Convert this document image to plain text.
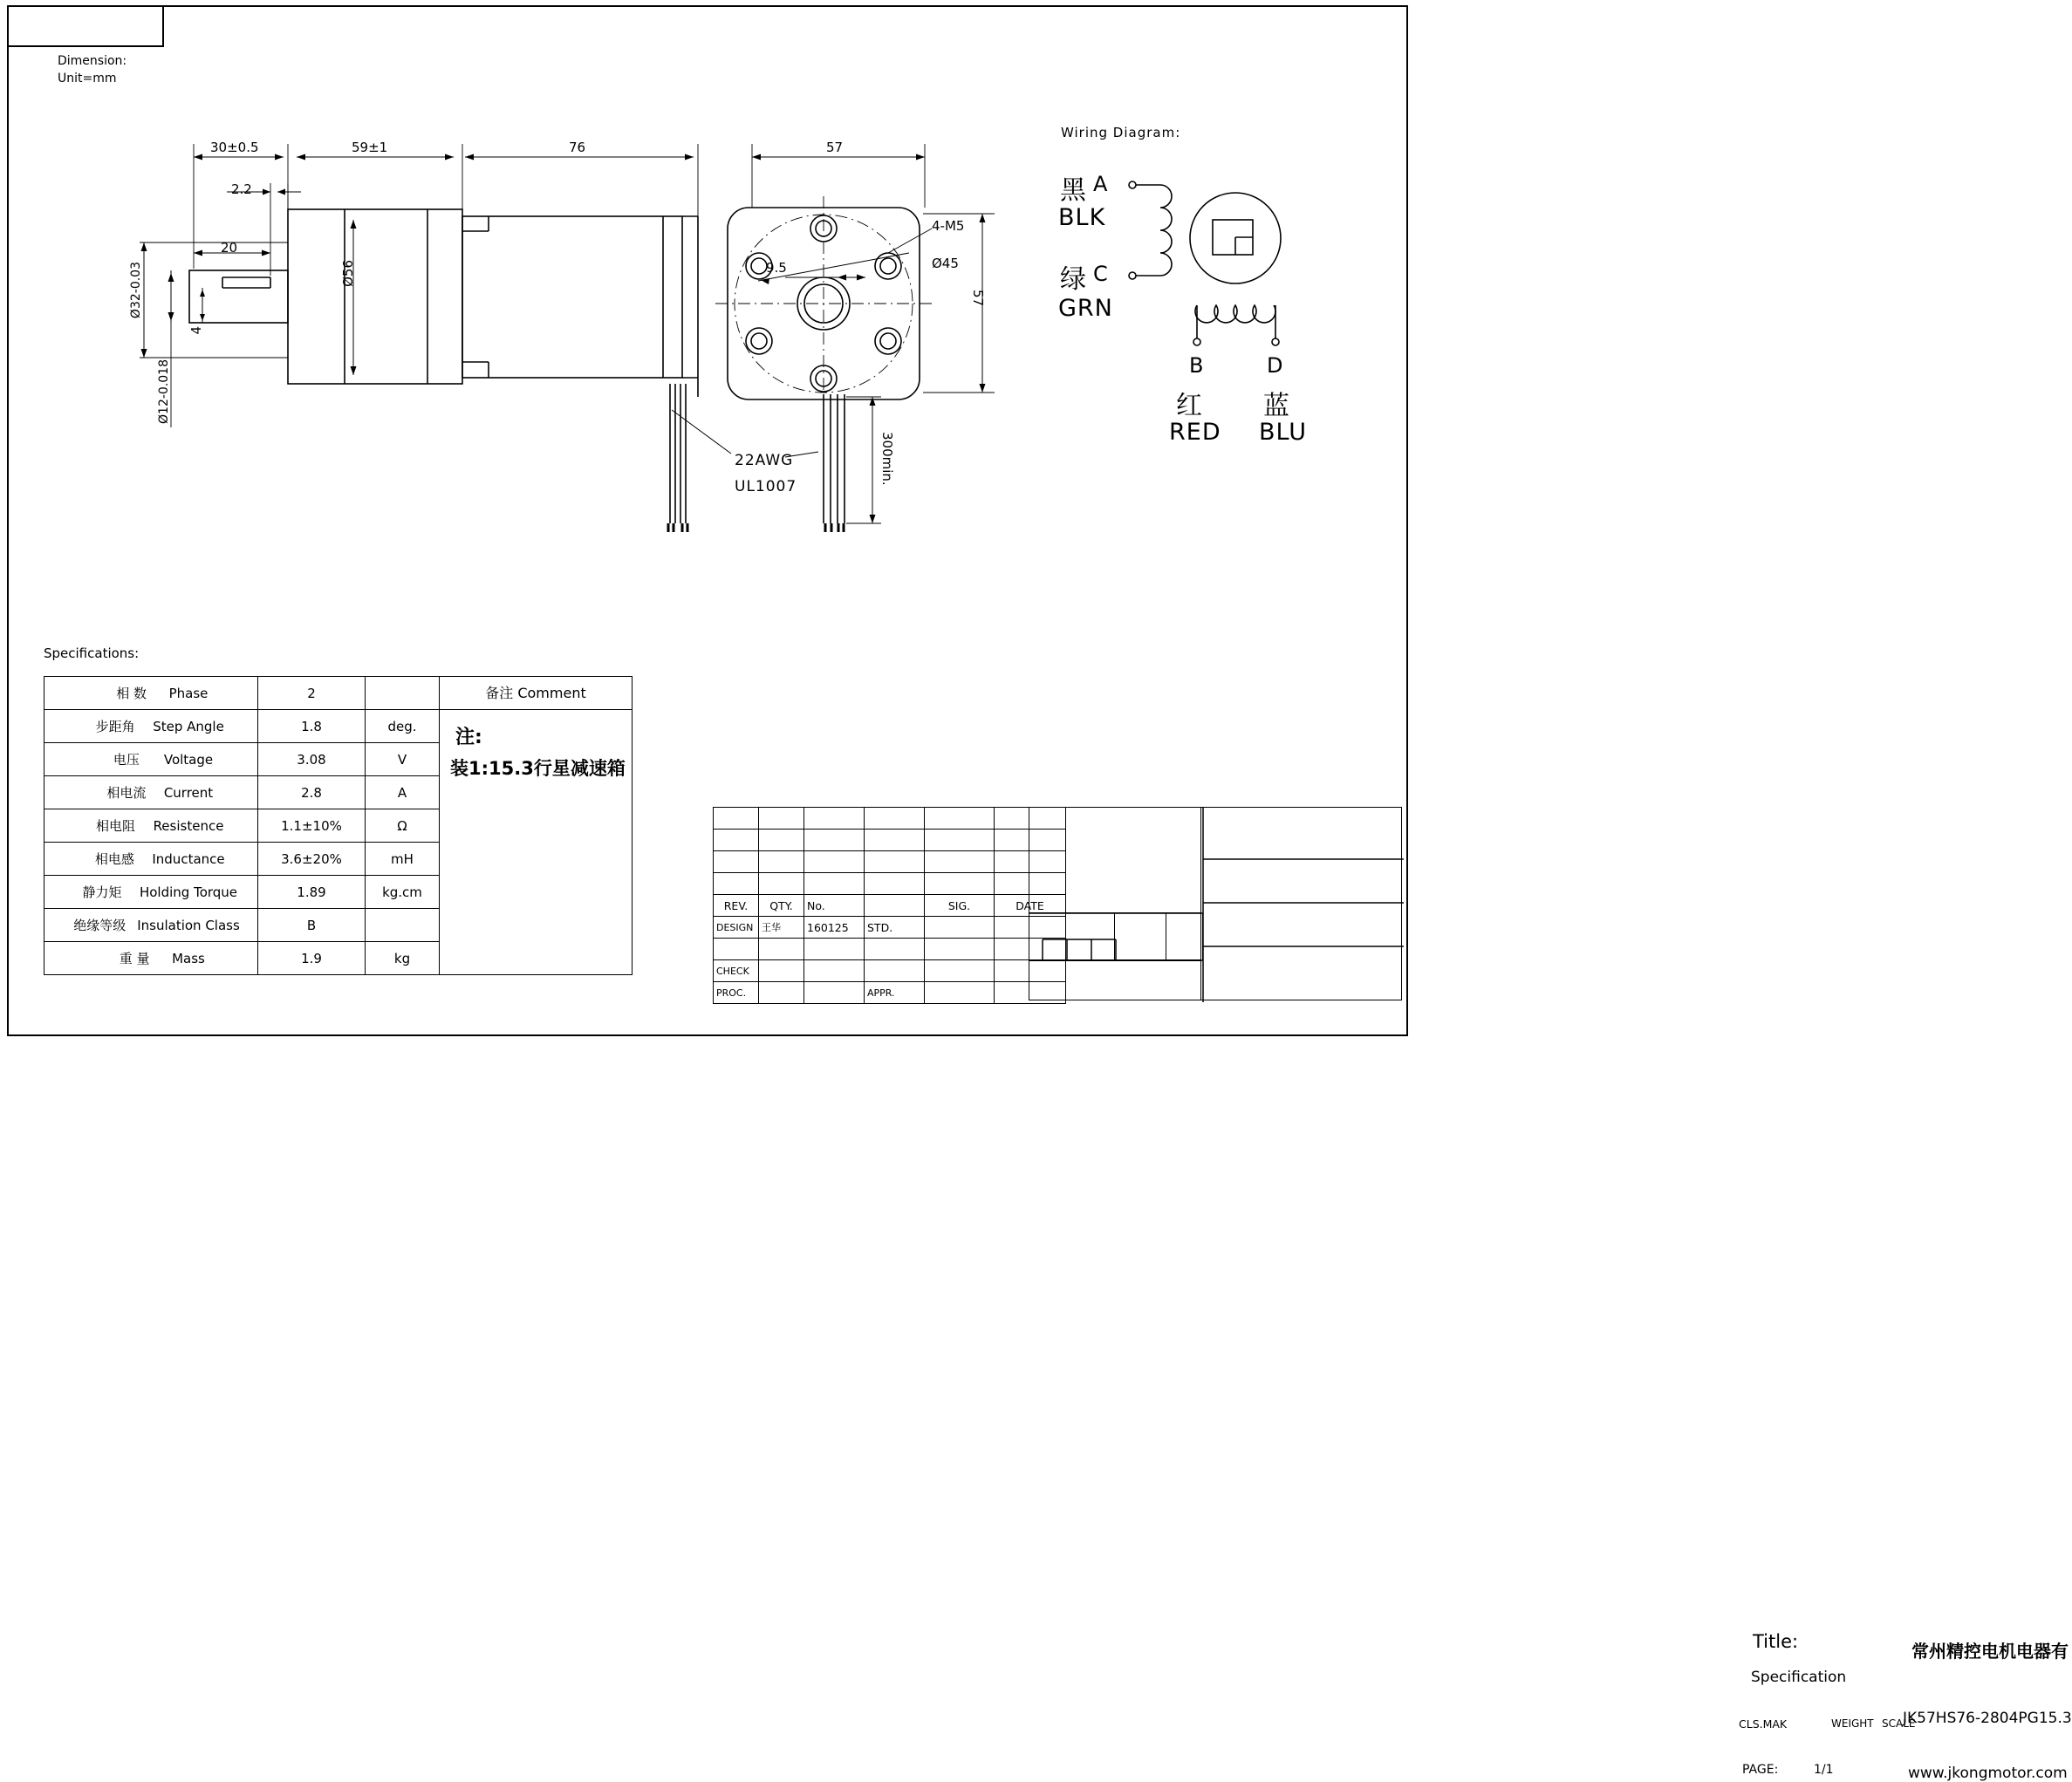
Dimension:
Unit=mm
Wiring Diagram:
30±0.5	59±1	76
2.2
20
Ø56
Ø32-0.03
Ø12-0.018
4
22AWG
UL1007
57
57
Ø45
9.5
4-M5
300min.
黑 A
BLK
绿 C
GRN
B	D
红 蓝
RED BLU
Specifications:
相 数 Phase	2		备注 Comment
注:
装1:15.3行星减速箱

步距角 Step Angle	1.8	deg.	
电压 Voltage	3.08	V	
相电流 Current	2.8	A	
相电阻 Resistence	1.1±10%	Ω	
相电感 Inductance	3.6±20%	mH	
静力矩 Holding Torque	1.89	kg.cm	
绝缘等级 Insulation Class	B		
重 量 Mass	1.9	kg	

REV.	QTY.	No.		SIG.	DATE
DESIGN	王华	160125	STD.		

CHECK					
PROC.			APPR.		
Title:
Specification
常州精控电机电器有
CLS.MAK	WEIGHT SCALE
JK57HS76-2804PG15.3
PAGE:	1/1	www.jkongmotor.com
